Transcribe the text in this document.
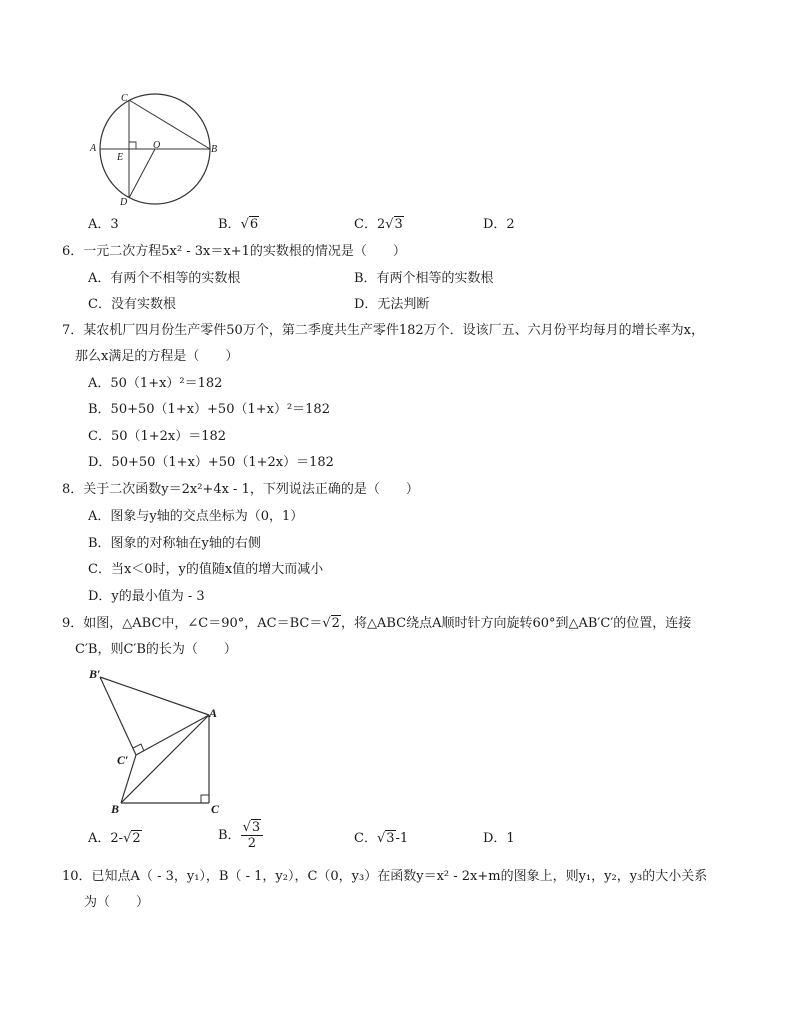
C
A
E
O	B
D
A．3	B．√6	C．2√3	D．2
6．一元二次方程5x² - 3x＝x+1的实数根的情况是（　　）
A．有两个不相等的实数根	B．有两个相等的实数根
C．没有实数根	D．无法判断
7．某农机厂四月份生产零件50万个，第二季度共生产零件182万个．设该厂五、六月份平均每月的增长率为x，
那么x满足的方程是（　　）
A．50（1+x）²＝182
B．50+50（1+x）+50（1+x）²＝182
C．50（1+2x）＝182
D．50+50（1+x）+50（1+2x）＝182
8．关于二次函数y＝2x²+4x - 1，下列说法正确的是（　　）
A．图象与y轴的交点坐标为（0，1）
B．图象的对称轴在y轴的右侧
C．当x＜0时，y的值随x值的增大而减小
D．y的最小值为 - 3
9．如图，△ABC中，∠C＝90°，AC＝BC＝√2，将△ABC绕点A顺时针方向旋转60°到△AB′C′的位置，连接
C′B，则C′B的长为（　　）
B′
A
C′
B	C
A．2-√2	B． $\frac{√3}{2}$	C．√3-1	D．1
10．已知点A（ - 3，y₁），B（ - 1，y₂），C（0，y₃）在函数y＝x² - 2x+m的图象上，则y₁，y₂，y₃的大小关系
为（　　）
